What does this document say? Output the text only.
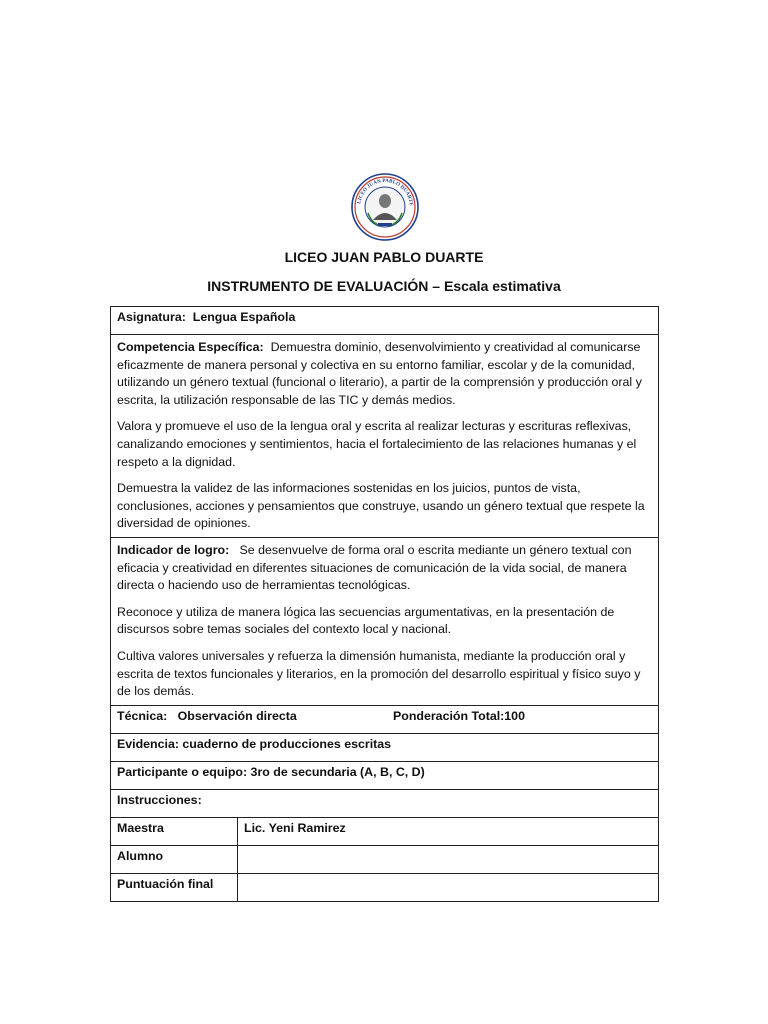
LICEO JUAN PABLO DUARTE
LICEO JUAN PABLO DUARTE
INSTRUMENTO DE EVALUACIÓN – Escala estimativa
Asignatura: Lengua Española	

Competencia Específica: Demuestra dominio, desenvolvimiento y creatividad al comunicarse eficazmente de manera personal y colectiva en su entorno familiar, escolar y de la comunidad, utilizando un género textual (funcional o literario), a partir de la comprensión y producción oral y escrita, la utilización responsable de las TIC y demás medios.

Valora y promueve el uso de la lengua oral y escrita al realizar lecturas y escrituras reflexivas, canalizando emociones y sentimientos, hacia el fortalecimiento de las relaciones humanas y el respeto a la dignidad.

Demuestra la validez de las informaciones sostenidas en los juicios, puntos de vista, conclusiones, acciones y pensamientos que construye, usando un género textual que respete la diversidad de opiniones.	

Indicador de logro: Se desenvuelve de forma oral o escrita mediante un género textual con eficacia y creatividad en diferentes situaciones de comunicación de la vida social, de manera directa o haciendo uso de herramientas tecnológicas.

Reconoce y utiliza de manera lógica las secuencias argumentativas, en la presentación de discursos sobre temas sociales del contexto local y nacional.

Cultiva valores universales y refuerza la dimensión humanista, mediante la producción oral y escrita de textos funcionales y literarios, en la promoción del desarrollo espiritual y físico suyo y de los demás.	

Técnica: Observación directa Ponderación Total:100	

Evidencia: cuaderno de producciones escritas	
Participante o equipo: 3ro de secundaria (A, B, C, D)	
Instrucciones:	
Maestra	Lic. Yeni Ramirez
Alumno	
Puntuación final	
